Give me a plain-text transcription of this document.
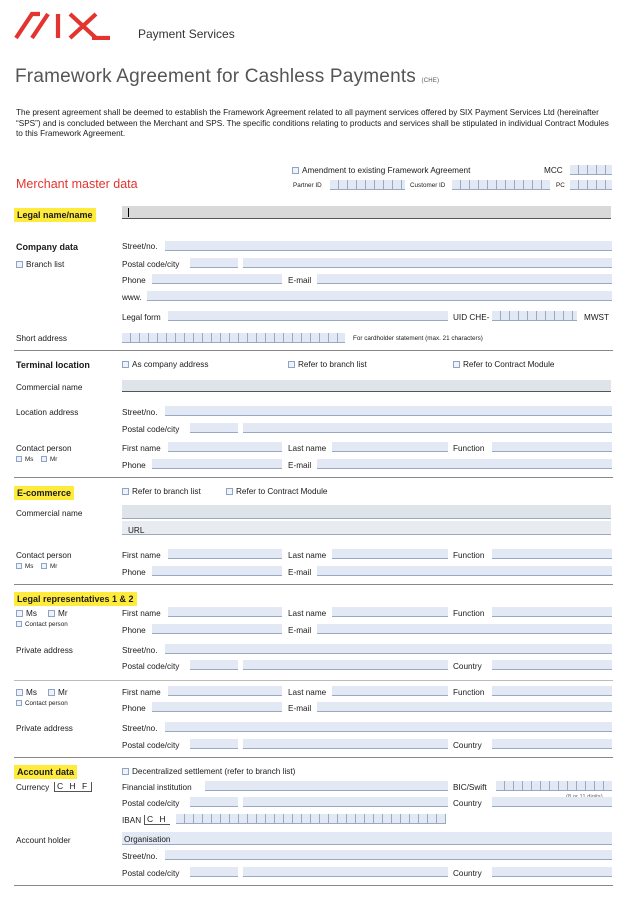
Payment Services
Framework Agreement for Cashless Payments (CHE)
The present agreement shall be deemed to establish the Framework Agreement related to all payment services offered by SIX Payment Services Ltd (hereinafter “SPS”) and is concluded between the Merchant and SPS. The specific conditions relating to products and services shall be stipulated in individual Contract Modules to this Framework Agreement.
Amendment to existing Framework Agreement	MCC
Partner ID	Customer ID	PC
Merchant master data
Legal name/name
Company data
Branch list
Street/no.
Postal code/city
Phone	E-mail
www.
Legal form	UID CHE-	MWST
Short address	For cardholder statement (max. 21 characters)
Terminal location	As company address	Refer to branch list	Refer to Contract Module
Commercial name
Location address	Street/no.
Postal code/city
Contact person
Ms	Mr
First name	Last name	Function
Phone	E-mail
E-commerce	Refer to branch list	Refer to Contract Module
Commercial name
URL
Contact person
Ms	Mr
First name	Last name	Function
Phone	E-mail
Legal representatives 1 & 2
Ms	Mr
Contact person
First name	Last name	Function
Phone	E-mail
Private address	Street/no.
Postal code/city	Country
Ms	Mr
Contact person
First name	Last name	Function
Phone	E-mail
Private address	Street/no.
Postal code/city	Country
Account data	Decentralized settlement (refer to branch list)
Currency C H F	Financial institution	BIC/Swift
Postal code/city	Country
IBAN C H
Account holder	Organisation
Street/no.
Postal code/city	Country
